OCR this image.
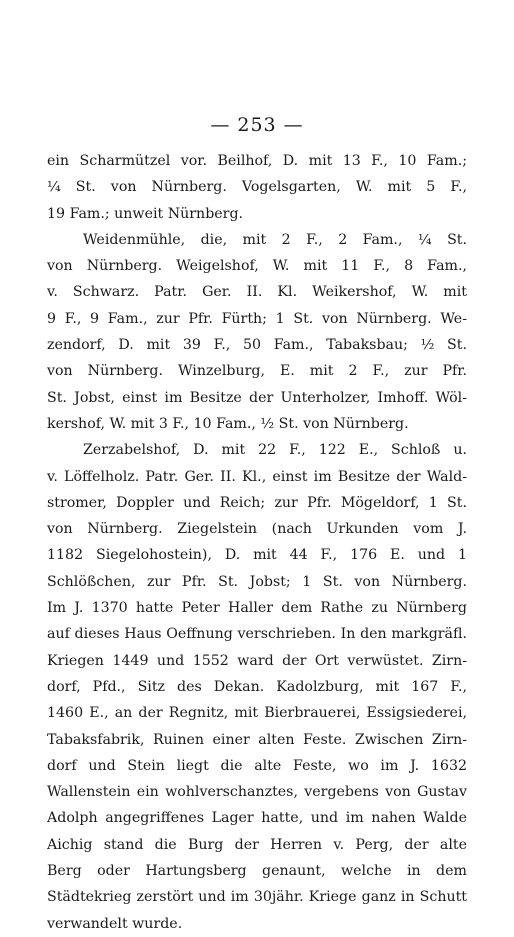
— 253 —
ein Scharmützel vor. Beilhof, D. mit 13 F., 10 Fam.;
¼ St. von Nürnberg. Vogelsgarten, W. mit 5 F.,
19 Fam.; unweit Nürnberg.
Weidenmühle, die, mit 2 F., 2 Fam., ¼ St.
von Nürnberg. Weigelshof, W. mit 11 F., 8 Fam.,
v. Schwarz. Patr. Ger. II. Kl. Weikershof, W. mit
9 F., 9 Fam., zur Pfr. Fürth; 1 St. von Nürnberg. We-
zendorf, D. mit 39 F., 50 Fam., Tabaksbau; ½ St.
von Nürnberg. Winzelburg, E. mit 2 F., zur Pfr.
St. Jobst, einst im Besitze der Unterholzer, Imhoff. Wöl-
kershof, W. mit 3 F., 10 Fam., ½ St. von Nürnberg.
Zerzabelshof, D. mit 22 F., 122 E., Schloß u.
v. Löffelholz. Patr. Ger. II. Kl., einst im Besitze der Wald-
stromer, Doppler und Reich; zur Pfr. Mögeldorf, 1 St.
von Nürnberg. Ziegelstein (nach Urkunden vom J.
1182 Siegelohostein), D. mit 44 F., 176 E. und 1
Schlößchen, zur Pfr. St. Jobst; 1 St. von Nürnberg.
Im J. 1370 hatte Peter Haller dem Rathe zu Nürnberg
auf dieses Haus Oeffnung verschrieben. In den markgräfl.
Kriegen 1449 und 1552 ward der Ort verwüstet. Zirn-
dorf, Pfd., Sitz des Dekan. Kadolzburg, mit 167 F.,
1460 E., an der Regnitz, mit Bierbrauerei, Essigsiederei,
Tabaksfabrik, Ruinen einer alten Feste. Zwischen Zirn-
dorf und Stein liegt die alte Feste, wo im J. 1632
Wallenstein ein wohlverschanztes, vergebens von Gustav
Adolph angegriffenes Lager hatte, und im nahen Walde
Aichig stand die Burg der Herren v. Perg, der alte
Berg oder Hartungsberg genaunt, welche in dem
Städtekrieg zerstört und im 30jähr. Kriege ganz in Schutt
verwandelt wurde.
